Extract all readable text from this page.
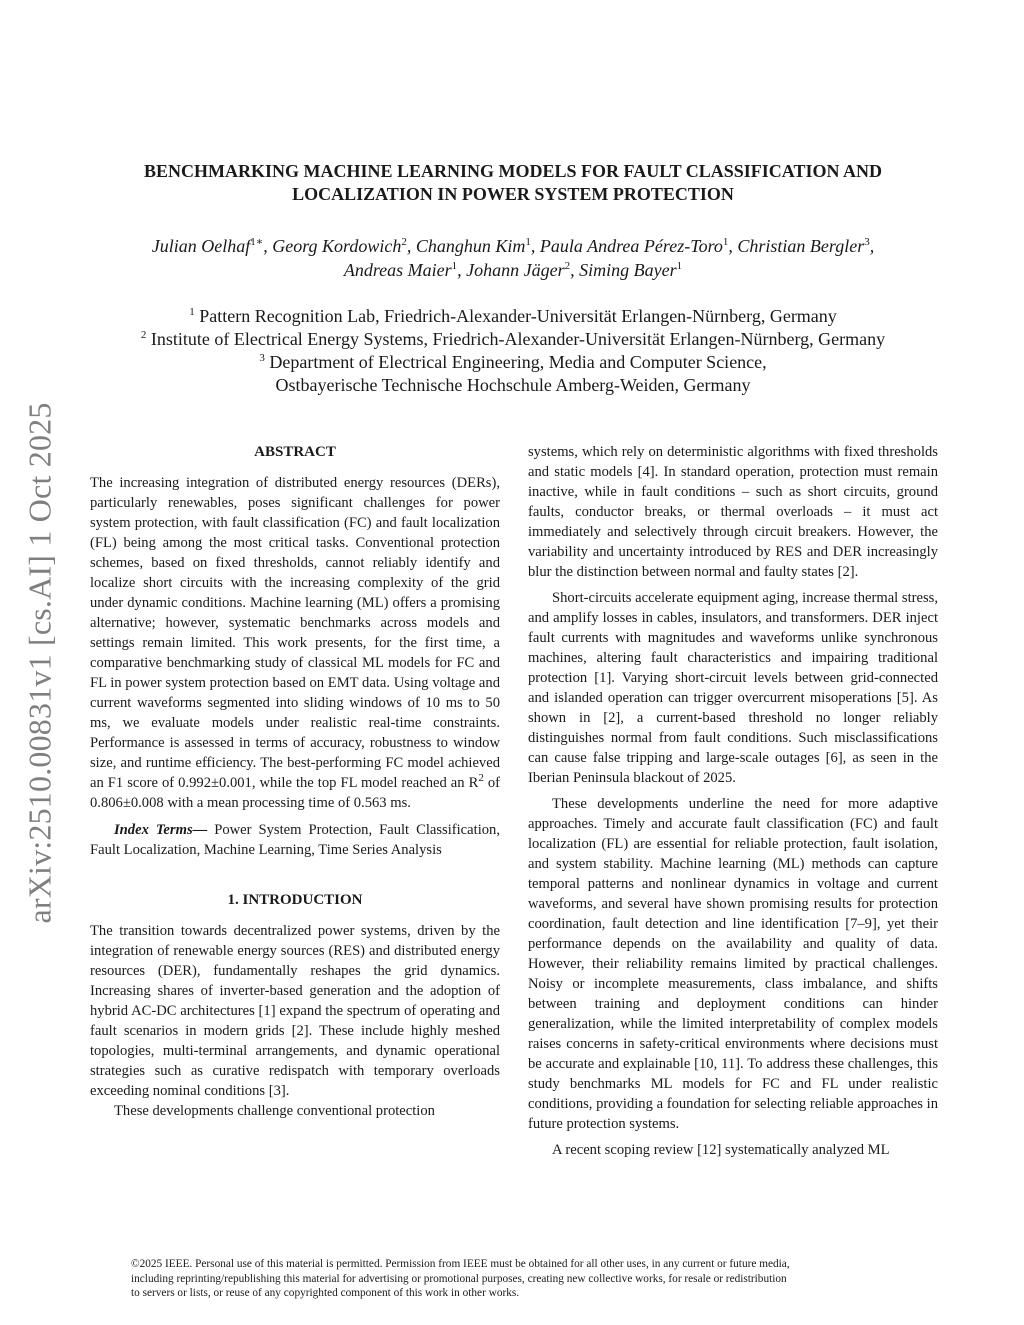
arXiv:2510.00831v1 [cs.AI] 1 Oct 2025
BENCHMARKING MACHINE LEARNING MODELS FOR FAULT CLASSIFICATION AND
LOCALIZATION IN POWER SYSTEM PROTECTION
Julian Oelhaf$^{1∗}$, Georg Kordowich$^2$, Changhun Kim$^1$, Paula Andrea Pérez-Toro$^1$, Christian Bergler$^3$,
Andreas Maier$^1$, Johann Jäger$^2$, Siming Bayer$^1$
$^1$ Pattern Recognition Lab, Friedrich-Alexander-Universität Erlangen-Nürnberg, Germany
$^2$ Institute of Electrical Energy Systems, Friedrich-Alexander-Universität Erlangen-Nürnberg, Germany
$^3$ Department of Electrical Engineering, Media and Computer Science,
Ostbayerische Technische Hochschule Amberg-Weiden, Germany
ABSTRACT

The increasing integration of distributed energy resources (DERs), particularly renewables, poses significant challenges for power system protection, with fault classification (FC) and fault localization (FL) being among the most critical tasks. Conventional protection schemes, based on fixed thresholds, cannot reliably identify and localize short circuits with the increasing complexity of the grid under dynamic conditions. Machine learning (ML) offers a promising alternative; however, systematic benchmarks across models and settings remain limited. This work presents, for the first time, a comparative benchmarking study of classical ML models for FC and FL in power system protection based on EMT data. Using voltage and current waveforms segmented into sliding windows of 10 ms to 50 ms, we evaluate models under realistic real-time constraints. Performance is assessed in terms of accuracy, robustness to window size, and runtime efficiency. The best-performing FC model achieved an F1 score of 0.992±0.001, while the top FL model reached an $R^2$ of 0.806±0.008 with a mean processing time of 0.563 ms.

Index Terms— Power System Protection, Fault Classification, Fault Localization, Machine Learning, Time Series Analysis

1. INTRODUCTION

The transition towards decentralized power systems, driven by the integration of renewable energy sources (RES) and distributed energy resources (DER), fundamentally reshapes the grid dynamics. Increasing shares of inverter-based generation and the adoption of hybrid AC-DC architectures [1] expand the spectrum of operating and fault scenarios in modern grids [2]. These include highly meshed topologies, multi-terminal arrangements, and dynamic operational strategies such as curative redispatch with temporary overloads exceeding nominal conditions [3].

These developments challenge conventional protection

systems, which rely on deterministic algorithms with fixed thresholds and static models [4]. In standard operation, protection must remain inactive, while in fault conditions – such as short circuits, ground faults, conductor breaks, or thermal overloads – it must act immediately and selectively through circuit breakers. However, the variability and uncertainty introduced by RES and DER increasingly blur the distinction between normal and faulty states [2].

Short-circuits accelerate equipment aging, increase thermal stress, and amplify losses in cables, insulators, and transformers. DER inject fault currents with magnitudes and waveforms unlike synchronous machines, altering fault characteristics and impairing traditional protection [1]. Varying short-circuit levels between grid-connected and islanded operation can trigger overcurrent misoperations [5]. As shown in [2], a current-based threshold no longer reliably distinguishes normal from fault conditions. Such misclassifications can cause false tripping and large-scale outages [6], as seen in the Iberian Peninsula blackout of 2025.

These developments underline the need for more adaptive approaches. Timely and accurate fault classification (FC) and fault localization (FL) are essential for reliable protection, fault isolation, and system stability. Machine learning (ML) methods can capture temporal patterns and nonlinear dynamics in voltage and current waveforms, and several have shown promising results for protection coordination, fault detection and line identification [7–9], yet their performance depends on the availability and quality of data. However, their reliability remains limited by practical challenges. Noisy or incomplete measurements, class imbalance, and shifts between training and deployment conditions can hinder generalization, while the limited interpretability of complex models raises concerns in safety-critical environments where decisions must be accurate and explainable [10, 11]. To address these challenges, this study benchmarks ML models for FC and FL under realistic conditions, providing a foundation for selecting reliable approaches in future protection systems.

A recent scoping review [12] systematically analyzed ML

©2025 IEEE. Personal use of this material is permitted. Permission from IEEE must be obtained for all other uses, in any current or future media,
including reprinting/republishing this material for advertising or promotional purposes, creating new collective works, for resale or redistribution
to servers or lists, or reuse of any copyrighted component of this work in other works.
